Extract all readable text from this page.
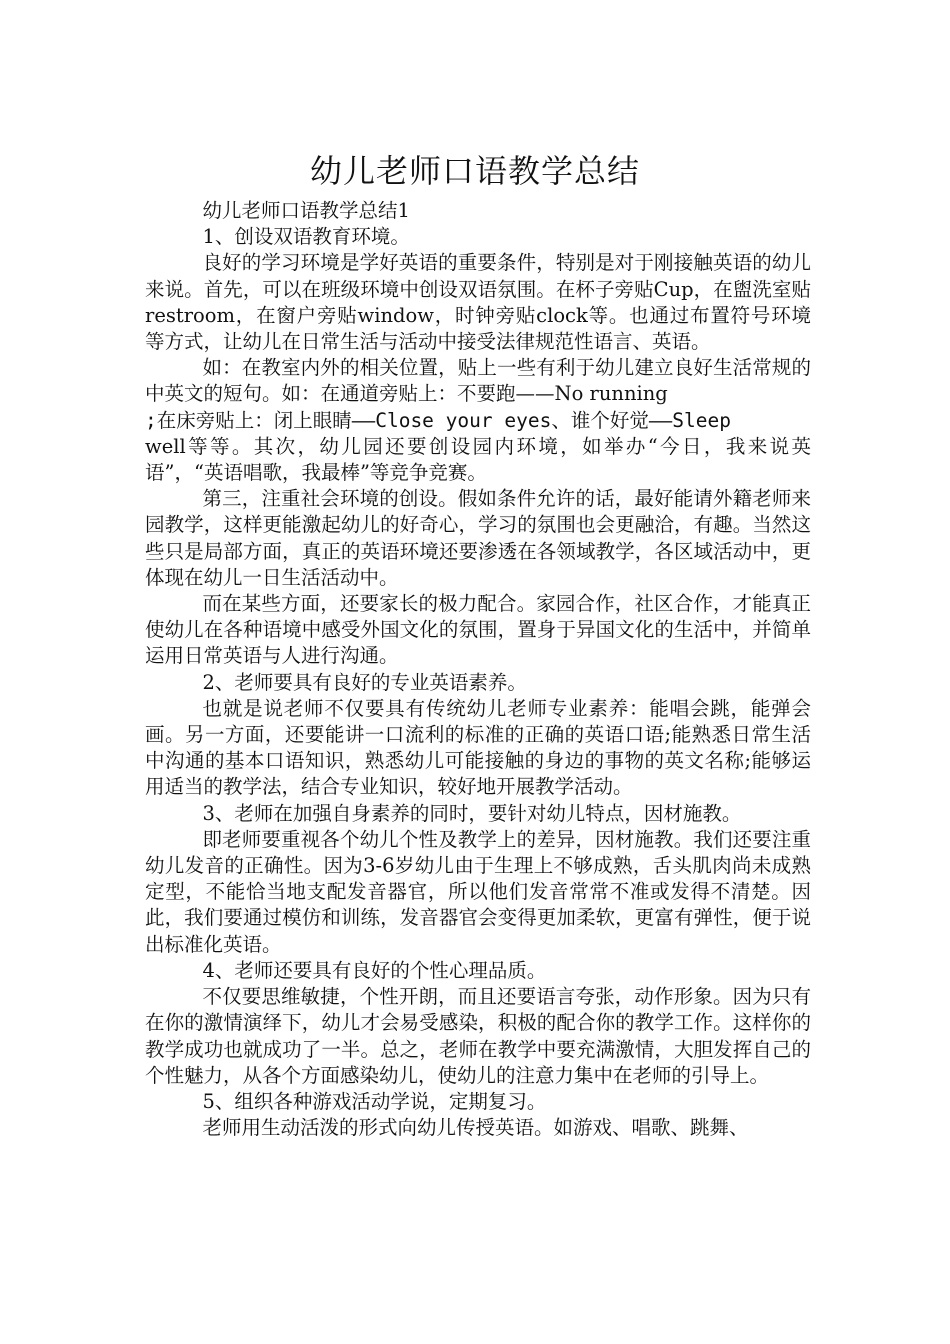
幼儿老师口语教学总结

幼儿老师口语教学总结1

1、创设双语教育环境。

良好的学习环境是学好英语的重要条件，特别是对于刚接触英语的幼儿来说。首先，可以在班级环境中创设双语氛围。在杯子旁贴Cup，在盥洗室贴restroom，在窗户旁贴window，时钟旁贴clock等。也通过布置符号环境等方式，让幼儿在日常生活与活动中接受法律规范性语言、英语。

如：在教室内外的相关位置，贴上一些有利于幼儿建立良好生活常规的中英文的短句。如：在通道旁贴上：不要跑——No running

;在床旁贴上：闭上眼睛——Close your eyes、谁个好觉——Sleep

well等等。其次，幼儿园还要创设园内环境，如举办“今日，我来说英语”，“英语唱歌，我最棒”等竞争竞赛。

第三，注重社会环境的创设。假如条件允许的话，最好能请外籍老师来园教学，这样更能激起幼儿的好奇心，学习的氛围也会更融洽，有趣。当然这些只是局部方面，真正的英语环境还要渗透在各领域教学，各区域活动中，更体现在幼儿一日生活活动中。

而在某些方面，还要家长的极力配合。家园合作，社区合作，才能真正使幼儿在各种语境中感受外国文化的氛围，置身于异国文化的生活中，并简单运用日常英语与人进行沟通。

2、老师要具有良好的专业英语素养。

也就是说老师不仅要具有传统幼儿老师专业素养：能唱会跳，能弹会画。另一方面，还要能讲一口流利的标准的正确的英语口语;能熟悉日常生活中沟通的基本口语知识，熟悉幼儿可能接触的身边的事物的英文名称;能够运用适当的教学法，结合专业知识，较好地开展教学活动。

3、老师在加强自身素养的同时，要针对幼儿特点，因材施教。

即老师要重视各个幼儿个性及教学上的差异，因材施教。我们还要注重幼儿发音的正确性。因为3-6岁幼儿由于生理上不够成熟，舌头肌肉尚未成熟定型，不能恰当地支配发音器官，所以他们发音常常不准或发得不清楚。因此，我们要通过模仿和训练，发音器官会变得更加柔软，更富有弹性，便于说出标准化英语。

4、老师还要具有良好的个性心理品质。

不仅要思维敏捷，个性开朗，而且还要语言夸张，动作形象。因为只有在你的激情演绎下，幼儿才会易受感染，积极的配合你的教学工作。这样你的教学成功也就成功了一半。总之，老师在教学中要充满激情，大胆发挥自己的个性魅力，从各个方面感染幼儿，使幼儿的注意力集中在老师的引导上。

5、组织各种游戏活动学说，定期复习。

老师用生动活泼的形式向幼儿传授英语。如游戏、唱歌、跳舞、
